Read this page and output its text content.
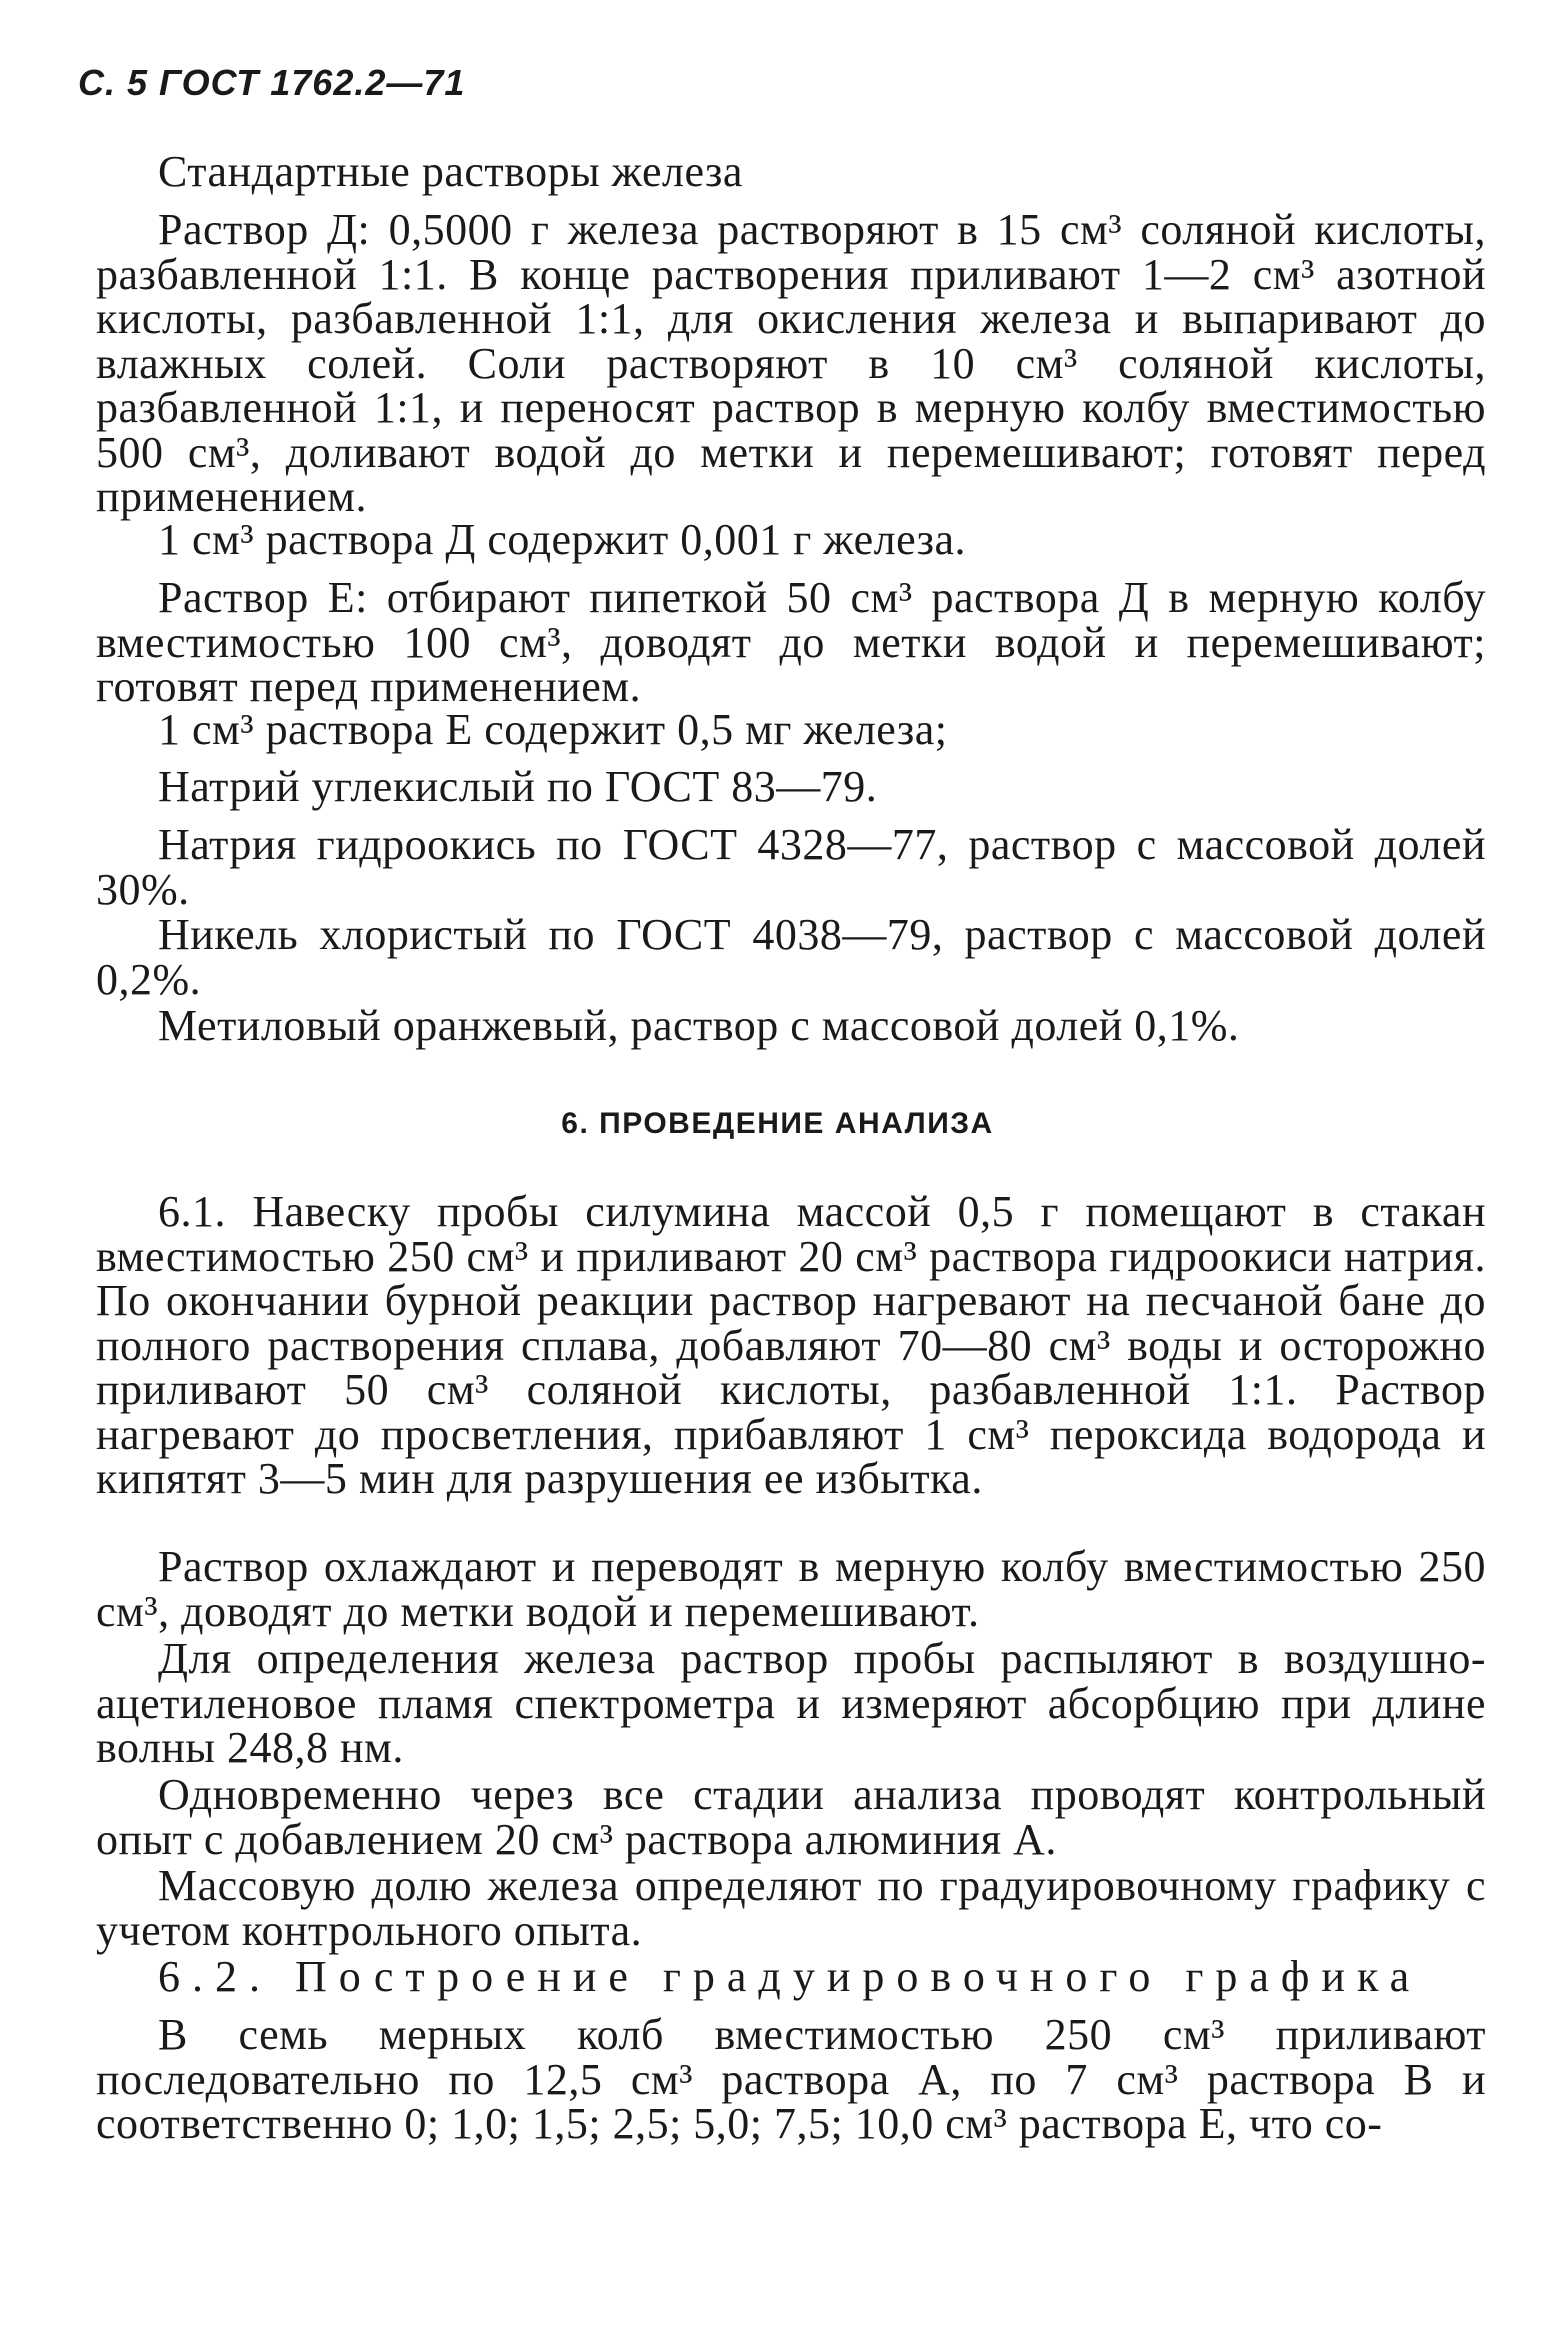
С. 5 ГОСТ 1762.2—71

Стандартные растворы железа

Раствор Д: 0,5000 г железа растворяют в 15 см³ соляной кислоты, разбавленной 1:1. В конце растворения приливают 1—2 см³ азотной кислоты, разбавленной 1:1, для окисления железа и выпаривают до влажных солей. Соли растворяют в 10 см³ соляной кислоты, разбавленной 1:1, и переносят раствор в мерную колбу вместимостью 500 см³, доливают водой до метки и перемешивают; готовят перед применением.

1 см³ раствора Д содержит 0,001 г железа.

Раствор Е: отбирают пипеткой 50 см³ раствора Д в мерную колбу вместимостью 100 см³, доводят до метки водой и перемешивают; готовят перед применением.

1 см³ раствора Е содержит 0,5 мг железа;

Натрий углекислый по ГОСТ 83—79.

Натрия гидроокись по ГОСТ 4328—77, раствор с массовой долей 30%.

Никель хлористый по ГОСТ 4038—79, раствор с массовой долей 0,2%.

Метиловый оранжевый, раствор с массовой долей 0,1%.

6. ПРОВЕДЕНИЕ АНАЛИЗА

6.1. Навеску пробы силумина массой 0,5 г помещают в стакан вместимостью 250 см³ и приливают 20 см³ раствора гидроокиси натрия. По окончании бурной реакции раствор нагревают на песчаной бане до полного растворения сплава, добавляют 70—80 см³ воды и осторожно приливают 50 см³ соляной кислоты, разбавленной 1:1. Раствор нагревают до просветления, прибавляют 1 см³ пероксида водорода и кипятят 3—5 мин для разрушения ее избытка.

Раствор охлаждают и переводят в мерную колбу вместимостью 250 см³, доводят до метки водой и перемешивают.

Для определения железа раствор пробы распыляют в воздушно-ацетиленовое пламя спектрометра и измеряют абсорбцию при длине волны 248,8 нм.

Одновременно через все стадии анализа проводят контрольный опыт с добавлением 20 см³ раствора алюминия А.

Массовую долю железа определяют по градуировочному графику с учетом контрольного опыта.

6.2. Построение градуировочного графика

В семь мерных колб вместимостью 250 см³ приливают последовательно по 12,5 см³ раствора А, по 7 см³ раствора В и соответственно 0; 1,0; 1,5; 2,5; 5,0; 7,5; 10,0 см³ раствора Е, что со-
